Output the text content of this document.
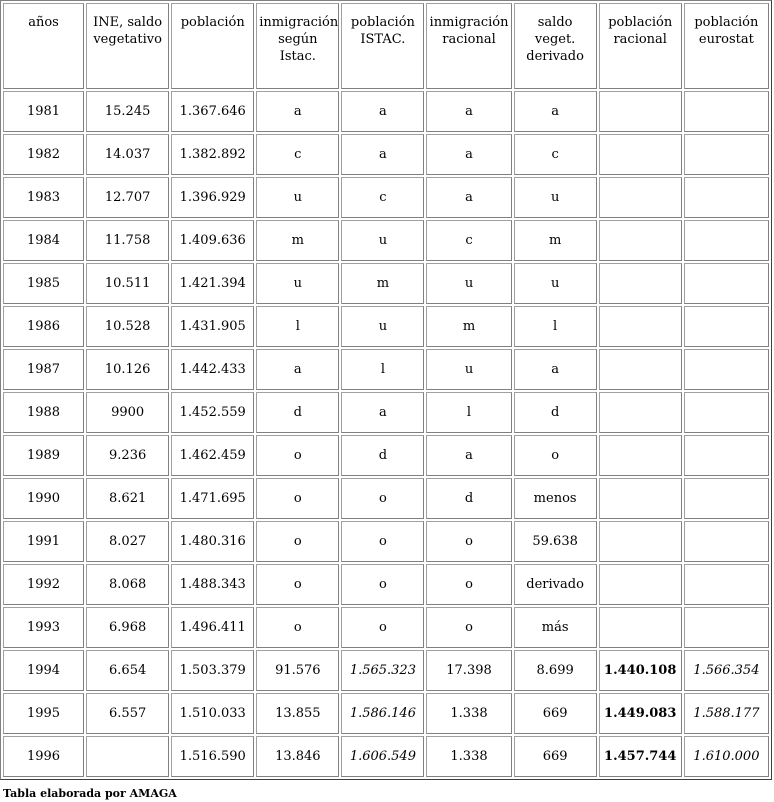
años	INE, saldo vegetativo	población	inmigración según Istac.	población ISTAC.	inmigración racional	saldo veget. derivado	población racional	población eurostat
1981	15.245	1.367.646	a	a	a	a		
1982	14.037	1.382.892	c	a	a	c		
1983	12.707	1.396.929	u	c	a	u		
1984	11.758	1.409.636	m	u	c	m		
1985	10.511	1.421.394	u	m	u	u		
1986	10.528	1.431.905	l	u	m	l		
1987	10.126	1.442.433	a	l	u	a		
1988	9900	1.452.559	d	a	l	d		
1989	9.236	1.462.459	o	d	a	o		
1990	8.621	1.471.695	o	o	d	menos		
1991	8.027	1.480.316	o	o	o	59.638		
1992	8.068	1.488.343	o	o	o	derivado		
1993	6.968	1.496.411	o	o	o	más		
1994	6.654	1.503.379	91.576	1.565.323	17.398	8.699	1.440.108	1.566.354
1995	6.557	1.510.033	13.855	1.586.146	1.338	669	1.449.083	1.588.177
1996		1.516.590	13.846	1.606.549	1.338	669	1.457.744	1.610.000
Tabla elaborada por AMAGA
